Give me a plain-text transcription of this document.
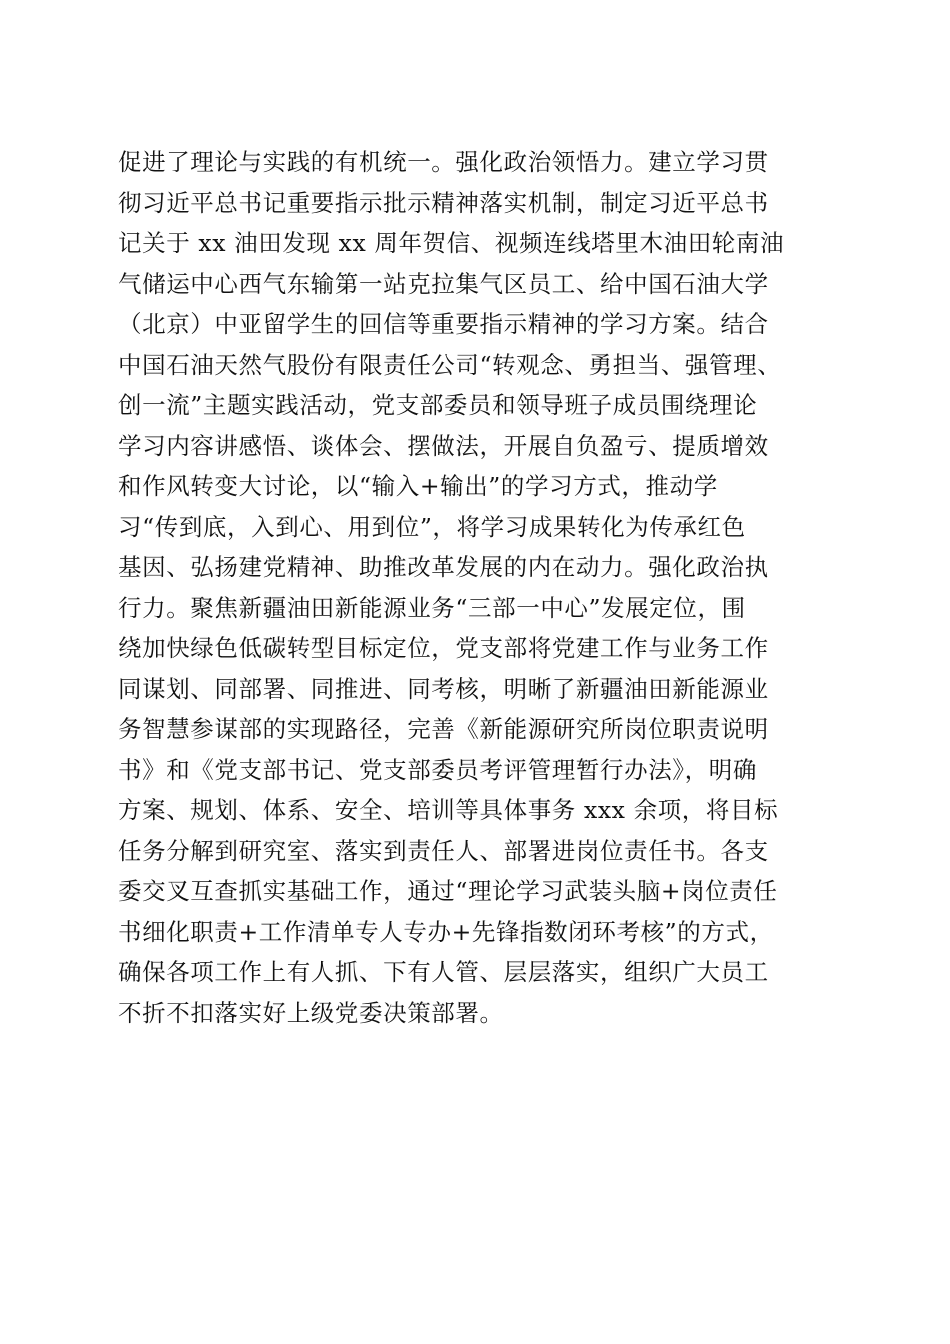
促进了理论与实践的有机统一。强化政治领悟力。建立学习贯
彻习近平总书记重要指示批示精神落实机制，制定习近平总书
记关于 xx 油田发现 xx 周年贺信、视频连线塔里木油田轮南油
气储运中心西气东输第一站克拉集气区员工、给中国石油大学
（北京）中亚留学生的回信等重要指示精神的学习方案。结合
中国石油天然气股份有限责任公司“转观念、勇担当、强管理、
创一流”主题实践活动，党支部委员和领导班子成员围绕理论
学习内容讲感悟、谈体会、摆做法，开展自负盈亏、提质增效
和作风转变大讨论，以“输入+输出”的学习方式，推动学
习“传到底，入到心、用到位”，将学习成果转化为传承红色
基因、弘扬建党精神、助推改革发展的内在动力。强化政治执
行力。聚焦新疆油田新能源业务“三部一中心”发展定位，围
绕加快绿色低碳转型目标定位，党支部将党建工作与业务工作
同谋划、同部署、同推进、同考核，明晰了新疆油田新能源业
务智慧参谋部的实现路径，完善《新能源研究所岗位职责说明
书》和《党支部书记、党支部委员考评管理暂行办法》，明确
方案、规划、体系、安全、培训等具体事务 xxx 余项，将目标
任务分解到研究室、落实到责任人、部署进岗位责任书。各支
委交叉互查抓实基础工作，通过“理论学习武装头脑+岗位责任
书细化职责+工作清单专人专办+先锋指数闭环考核”的方式，
确保各项工作上有人抓、下有人管、层层落实，组织广大员工
不折不扣落实好上级党委决策部署。
